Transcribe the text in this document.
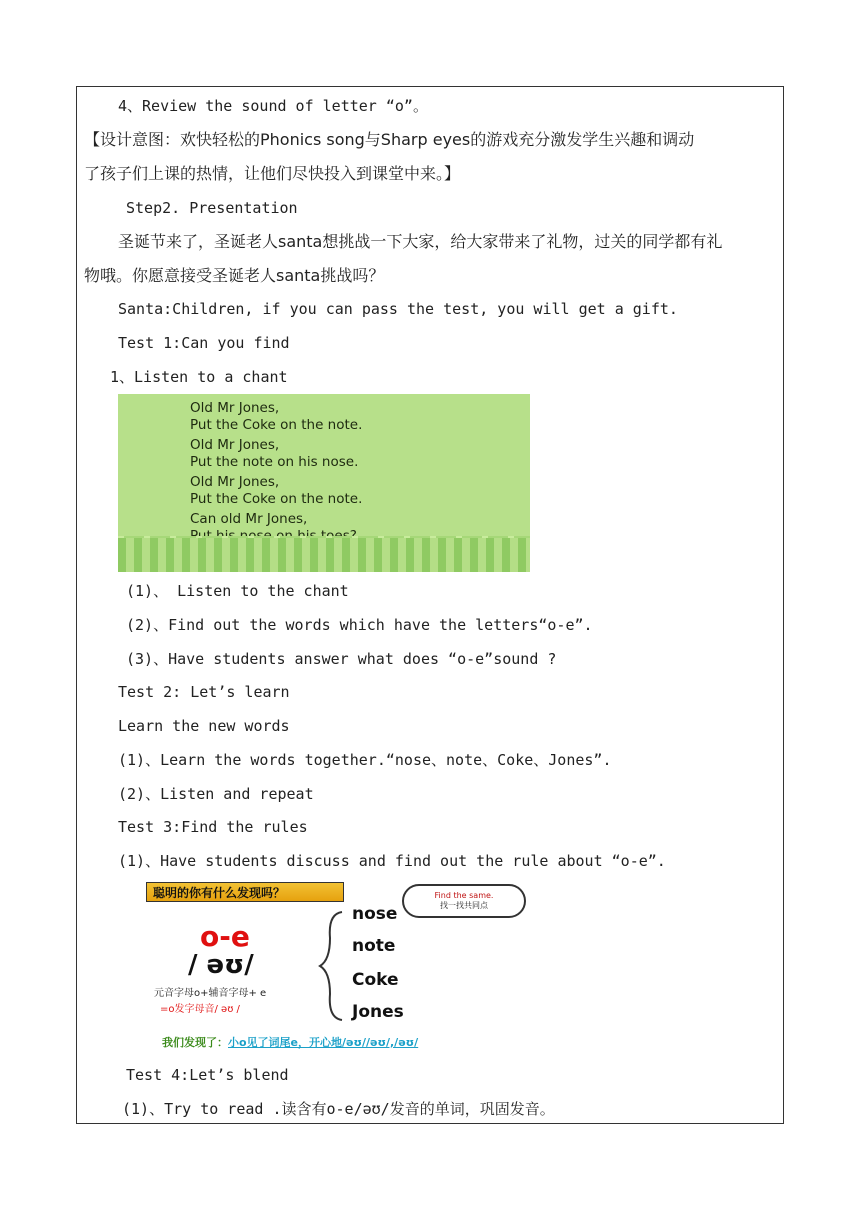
4、Review the sound of letter “o”。
【设计意图：欢快轻松的Phonics song与Sharp eyes的游戏充分激发学生兴趣和调动
了孩子们上课的热情，让他们尽快投入到课堂中来。】
Step2. Presentation
圣诞节来了，圣诞老人santa想挑战一下大家，给大家带来了礼物，过关的同学都有礼
物哦。你愿意接受圣诞老人santa挑战吗？
Santa:Children, if you can pass the test, you will get a gift.
Test 1:Can you find
1、Listen to a chant
Old Mr Jones,
Put the Coke on the note.
Old Mr Jones,
Put the note on his nose.
Old Mr Jones,
Put the Coke on the note.
Can old Mr Jones,
(1)、 Listen to the chant
(2)、Find out the words which have the letters“o-e”.
(3)、Have students answer what does “o-e”sound ?
Test 2: Let’s learn
Learn the new words
(1)、Learn the words together.“nose、note、Coke、Jones”.
(2)、Listen and repeat
Test 3:Find the rules
(1)、Have students discuss and find out the rule about “o-e”.
聪明的你有什么发现吗？	Find the same.
找一找共同点
o-e
/ əʊ/
元音字母o+辅音字母+ e
=o发字母音/ əʊ /
nose
note
Coke
Jones
我们发现了：小o见了词尾e，开心地/əʊ//əʊ/,/əʊ/
Test 4:Let’s blend
(1)、Try to read .读含有o-e/əʊ/发音的单词，巩固发音。
